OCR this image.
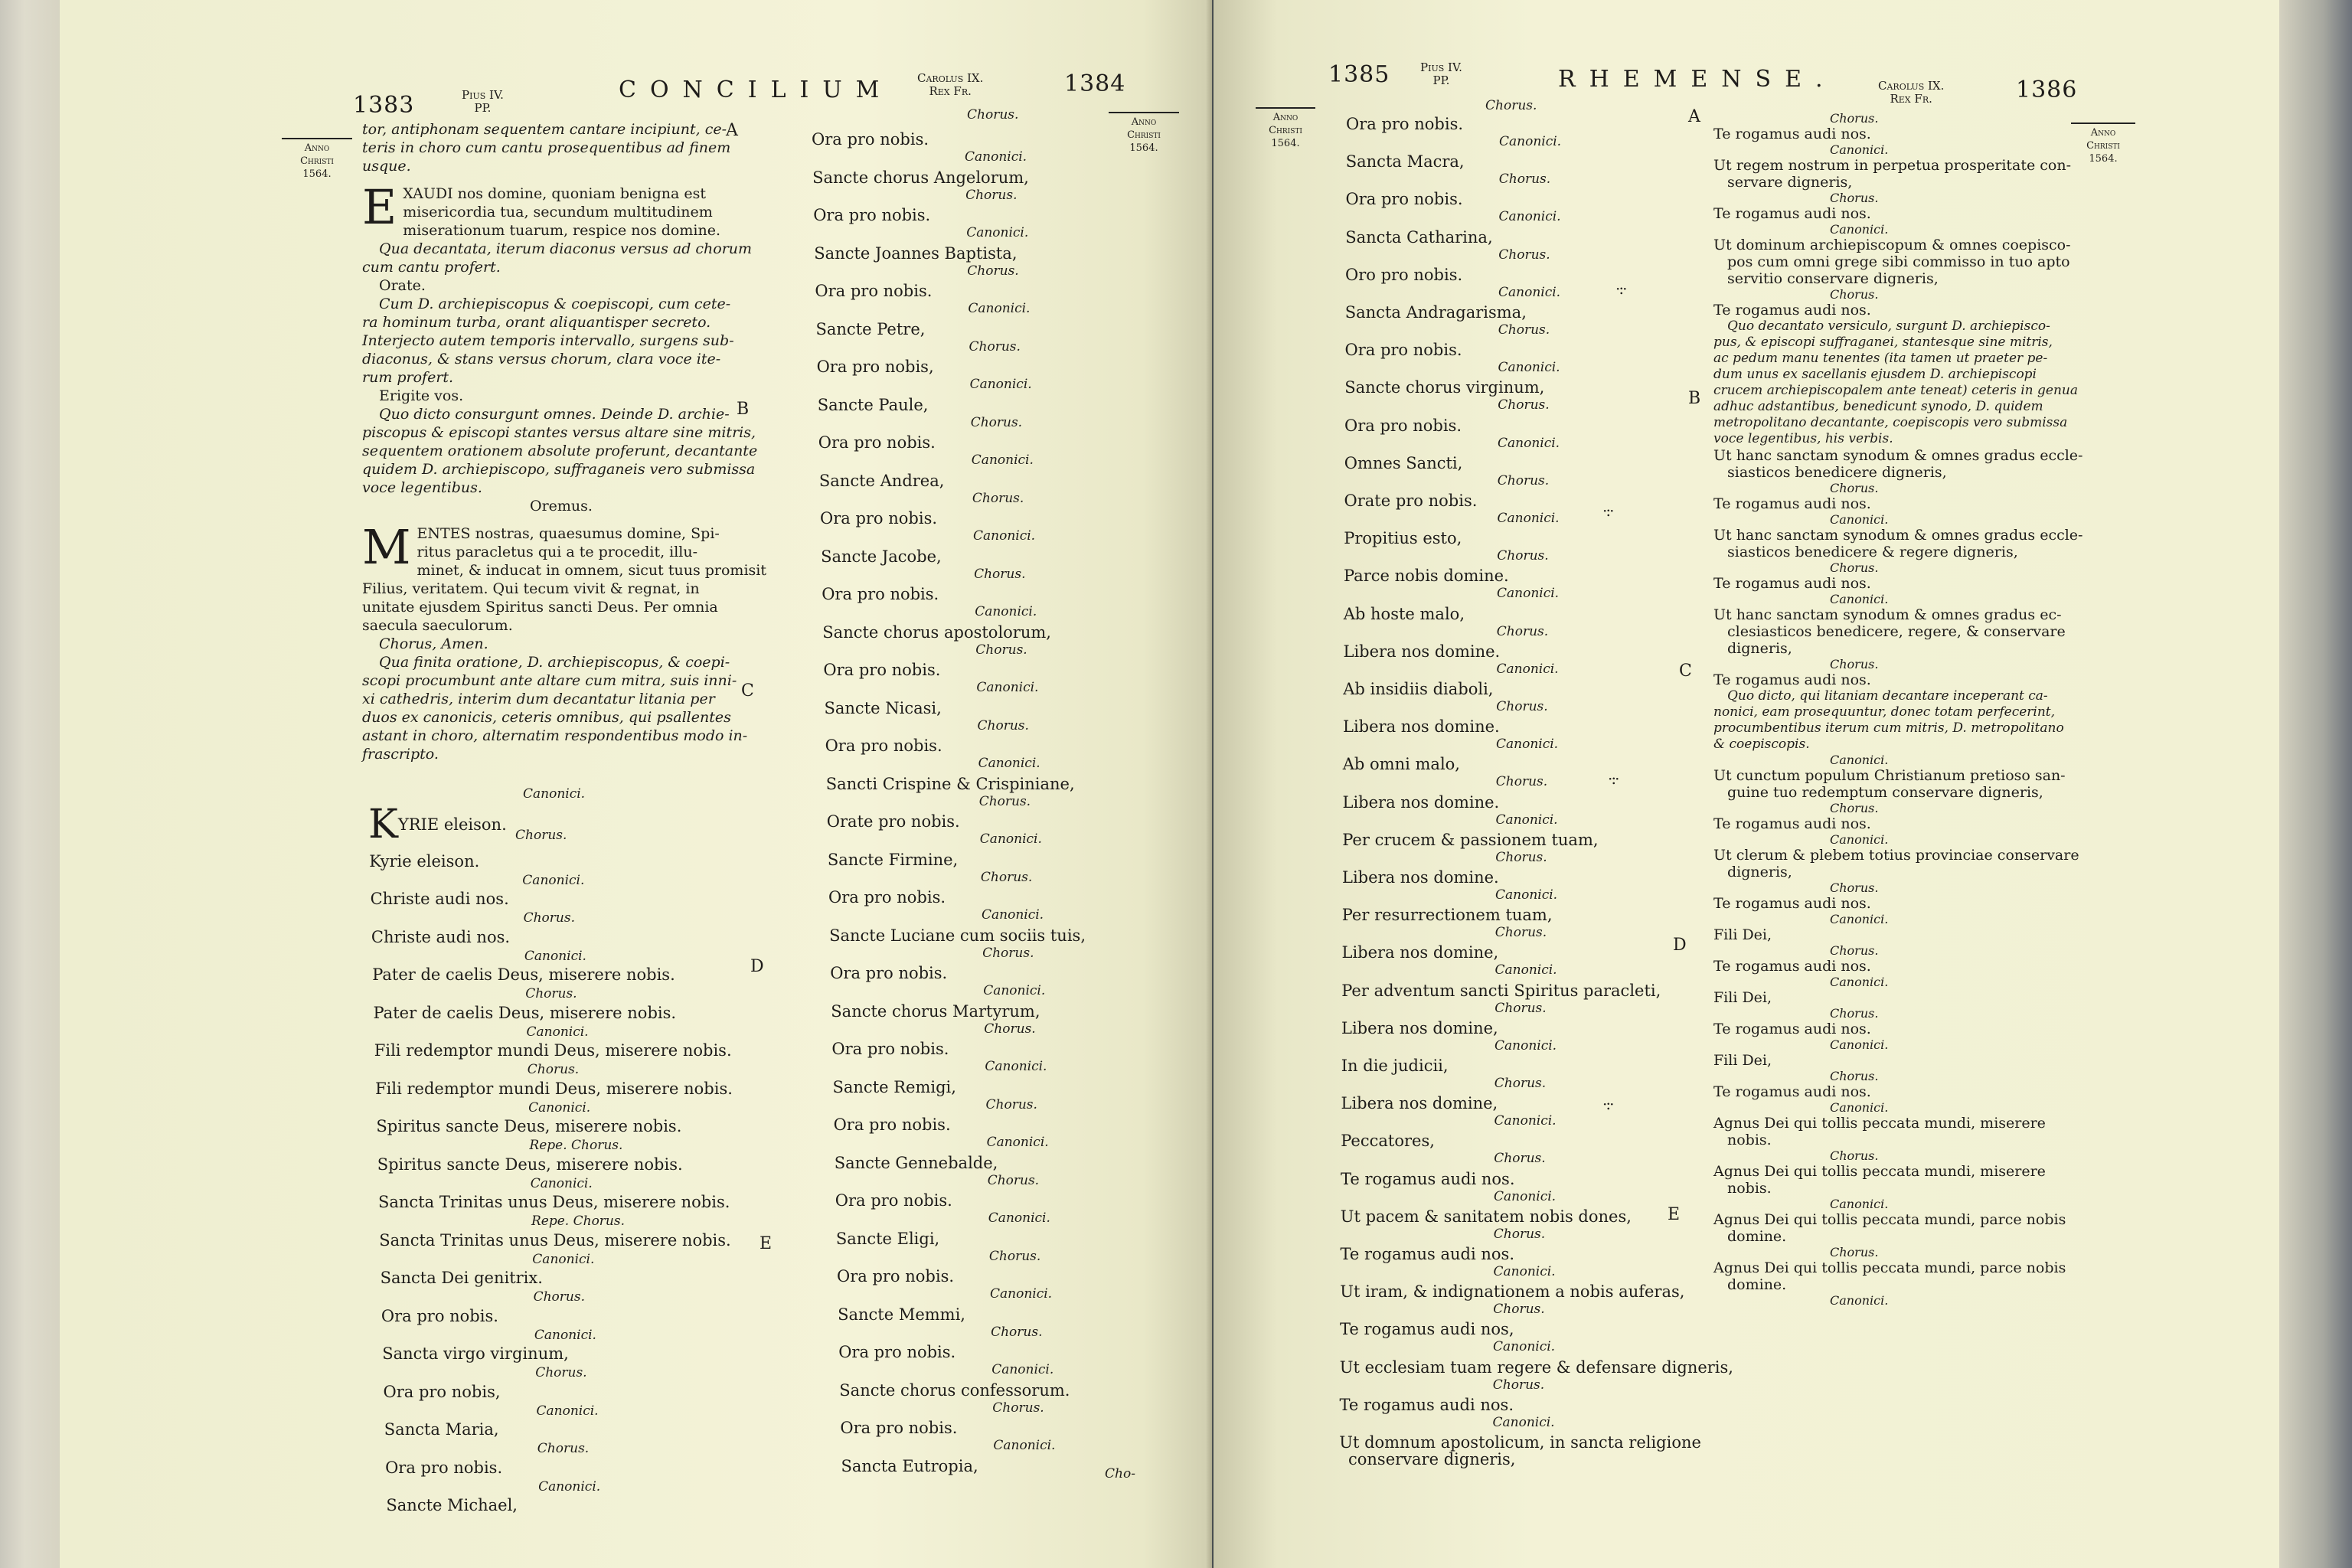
1383	Pius IV.
PP.
CONCILIUM Carolus IX.
Rex Fr.	1384
Anno
Christi
1564.
Anno
Christi
1564.

tor, antiphonam sequentem cantare incipiunt, ce-

teris in choro cum cantu prosequentibus ad finem

usque.

EXAUDI nos domine, quoniam benigna est

misericordia tua, secundum multitudinem

miserationum tuarum, respice nos domine.

Qua decantata, iterum diaconus versus ad chorum

cum cantu profert.

Orate.

Cum D. archiepiscopus & coepiscopi, cum cete-

ra hominum turba, orant aliquantisper secreto.

Interjecto autem temporis intervallo, surgens sub-

diaconus, & stans versus chorum, clara voce ite-

rum profert.

Erigite vos.

Quo dicto consurgunt omnes. Deinde D. archie-

piscopus & episcopi stantes versus altare sine mitris,

sequentem orationem absolute proferunt, decantante

quidem D. archiepiscopo, suffraganeis vero submissa

voce legentibus.

Oremus.

MENTES nostras, quaesumus domine, Spi-

ritus paracletus qui a te procedit, illu-

minet, & inducat in omnem, sicut tuus promisit

Filius, veritatem. Qui tecum vivit & regnat, in

unitate ejusdem Spiritus sancti Deus. Per omnia

saecula saeculorum.

Chorus, Amen.

Qua finita oratione, D. archiepiscopus, & coepi-

scopi procumbunt ante altare cum mitra, suis inni-

xi cathedris, interim dum decantatur litania per

duos ex canonicis, ceteris omnibus, qui psallentes

astant in choro, alternatim respondentibus modo in-

frascripto.

KYRIE eleison.
Canonici.
Chorus.
Kyrie eleison.
Canonici.
Christe audi nos.
Chorus.
Christe audi nos.
Canonici.
Pater de caelis Deus, miserere nobis.
Chorus.
Pater de caelis Deus, miserere nobis.
Canonici.
Fili redemptor mundi Deus, miserere nobis.
Chorus.
Fili redemptor mundi Deus, miserere nobis.
Canonici.
Spiritus sancte Deus, miserere nobis.
Repe. Chorus.
Spiritus sancte Deus, miserere nobis.
Canonici.
Sancta Trinitas unus Deus, miserere nobis.
Repe. Chorus.
Sancta Trinitas unus Deus, miserere nobis.
Canonici.
Sancta Dei genitrix.
Chorus.
Ora pro nobis.
Canonici.
Sancta virgo virginum,
Chorus.
Ora pro nobis,
Canonici.
Sancta Maria,
Chorus.
Ora pro nobis.
Canonici.
Sancte Michael,
Chorus.
Ora pro nobis.
Canonici.
Sancte chorus Angelorum,
Chorus.
Ora pro nobis.
Canonici.
Sancte Joannes Baptista,
Chorus.
Ora pro nobis.
Canonici.
Sancte Petre,
Chorus.
Ora pro nobis,
Canonici.
Sancte Paule,
Chorus.
Ora pro nobis.
Canonici.
Sancte Andrea,
Chorus.
Ora pro nobis.
Canonici.
Sancte Jacobe,
Chorus.
Ora pro nobis.
Canonici.
Sancte chorus apostolorum,
Chorus.
Ora pro nobis.
Canonici.
Sancte Nicasi,
Chorus.
Ora pro nobis.
Canonici.
Sancti Crispine & Crispiniane,
Chorus.
Orate pro nobis.
Canonici.
Sancte Firmine,
Chorus.
Ora pro nobis.
Canonici.
Sancte Luciane cum sociis tuis,
Chorus.
Ora pro nobis.
Canonici.
Sancte chorus Martyrum,
Chorus.
Ora pro nobis.
Canonici.
Sancte Remigi,
Chorus.
Ora pro nobis.
Canonici.
Sancte Gennebalde,
Chorus.
Ora pro nobis.
Canonici.
Sancte Eligi,
Chorus.
Ora pro nobis.
Canonici.
Sancte Memmi,
Chorus.
Ora pro nobis.
Canonici.
Sancte chorus confessorum.
Chorus.
Ora pro nobis.
Canonici.
Sancta Eutropia,	Cho-
A
B
C
D
E
1385	Pius IV.
PP.	RHEMENSE.	Carolus IX.
Rex Fr.	1386
Anno
Christi
1564.
Anno
Christi
1564.
Chorus.
Ora pro nobis.
Canonici.
Sancta Macra,
Chorus.
Ora pro nobis.
Canonici.
Sancta Catharina,
Chorus.
Oro pro nobis.
Canonici.
Sancta Andragarisma,
Chorus.
Ora pro nobis.
Canonici.
Sancte chorus virginum,
Chorus.
Ora pro nobis.
Canonici.
Omnes Sancti,
Chorus.
Orate pro nobis.
Canonici.
Propitius esto,
Chorus.
Parce nobis domine.
Canonici.
Ab hoste malo,
Chorus.
Libera nos domine.
Canonici.
Ab insidiis diaboli,
Chorus.
Libera nos domine.
Canonici.
Ab omni malo,
Chorus.
Libera nos domine.
Canonici.
Per crucem & passionem tuam,
Chorus.
Libera nos domine.
Canonici.
Per resurrectionem tuam,
Chorus.
Libera nos domine,
Canonici.
Per adventum sancti Spiritus paracleti,
Chorus.
Libera nos domine,
Canonici.
In die judicii,
Chorus.
Libera nos domine,
Canonici.
Peccatores,
Chorus.
Te rogamus audi nos.
Canonici.
Ut pacem & sanitatem nobis dones,
Chorus.
Te rogamus audi nos.
Canonici.
Ut iram, & indignationem a nobis auferas,
Chorus.
Te rogamus audi nos,
Canonici.
Ut ecclesiam tuam regere & defensare digneris,
Chorus.
Te rogamus audi nos.
Canonici.
Ut domnum apostolicum, in sancta religione
conservare digneris,

Chorus.

Te rogamus audi nos.

Canonici.

Ut regem nostrum in perpetua prosperitate con-

servare digneris,

Chorus.

Te rogamus audi nos.

Canonici.

Ut dominum archiepiscopum & omnes coepisco-

pos cum omni grege sibi commisso in tuo apto

servitio conservare digneris,

Chorus.

Te rogamus audi nos.

Quo decantato versiculo, surgunt D. archiepisco-

pus, & episcopi suffraganei, stantesque sine mitris,

ac pedum manu tenentes (ita tamen ut praeter pe-

dum unus ex sacellanis ejusdem D. archiepiscopi

crucem archiepiscopalem ante teneat) ceteris in genua

adhuc adstantibus, benedicunt synodo, D. quidem

metropolitano decantante, coepiscopis vero submissa

voce legentibus, his verbis.

Ut hanc sanctam synodum & omnes gradus eccle-

siasticos benedicere digneris,

Chorus.

Te rogamus audi nos.

Canonici.

Ut hanc sanctam synodum & omnes gradus eccle-

siasticos benedicere & regere digneris,

Chorus.

Te rogamus audi nos.

Canonici.

Ut hanc sanctam synodum & omnes gradus ec-

clesiasticos benedicere, regere, & conservare

digneris,

Chorus.

Te rogamus audi nos.

Quo dicto, qui litaniam decantare inceperant ca-

nonici, eam prosequuntur, donec totam perfecerint,

procumbentibus iterum cum mitris, D. metropolitano

& coepiscopis.

Canonici.

Ut cunctum populum Christianum pretioso san-

guine tuo redemptum conservare digneris,

Chorus.

Te rogamus audi nos.

Canonici.

Ut clerum & plebem totius provinciae conservare

digneris,

Chorus.

Te rogamus audi nos.

Canonici.

Fili Dei,

Chorus.

Te rogamus audi nos.

Canonici.

Fili Dei,

Chorus.

Te rogamus audi nos.

Canonici.

Fili Dei,

Chorus.

Te rogamus audi nos.

Canonici.

Agnus Dei qui tollis peccata mundi, miserere

nobis.

Chorus.

Agnus Dei qui tollis peccata mundi, miserere

nobis.

Canonici.

Agnus Dei qui tollis peccata mundi, parce nobis

domine.

Chorus.

Agnus Dei qui tollis peccata mundi, parce nobis

domine.

Canonici.

·:·
·:·
·:·
·:·
A
B
C
D
E
